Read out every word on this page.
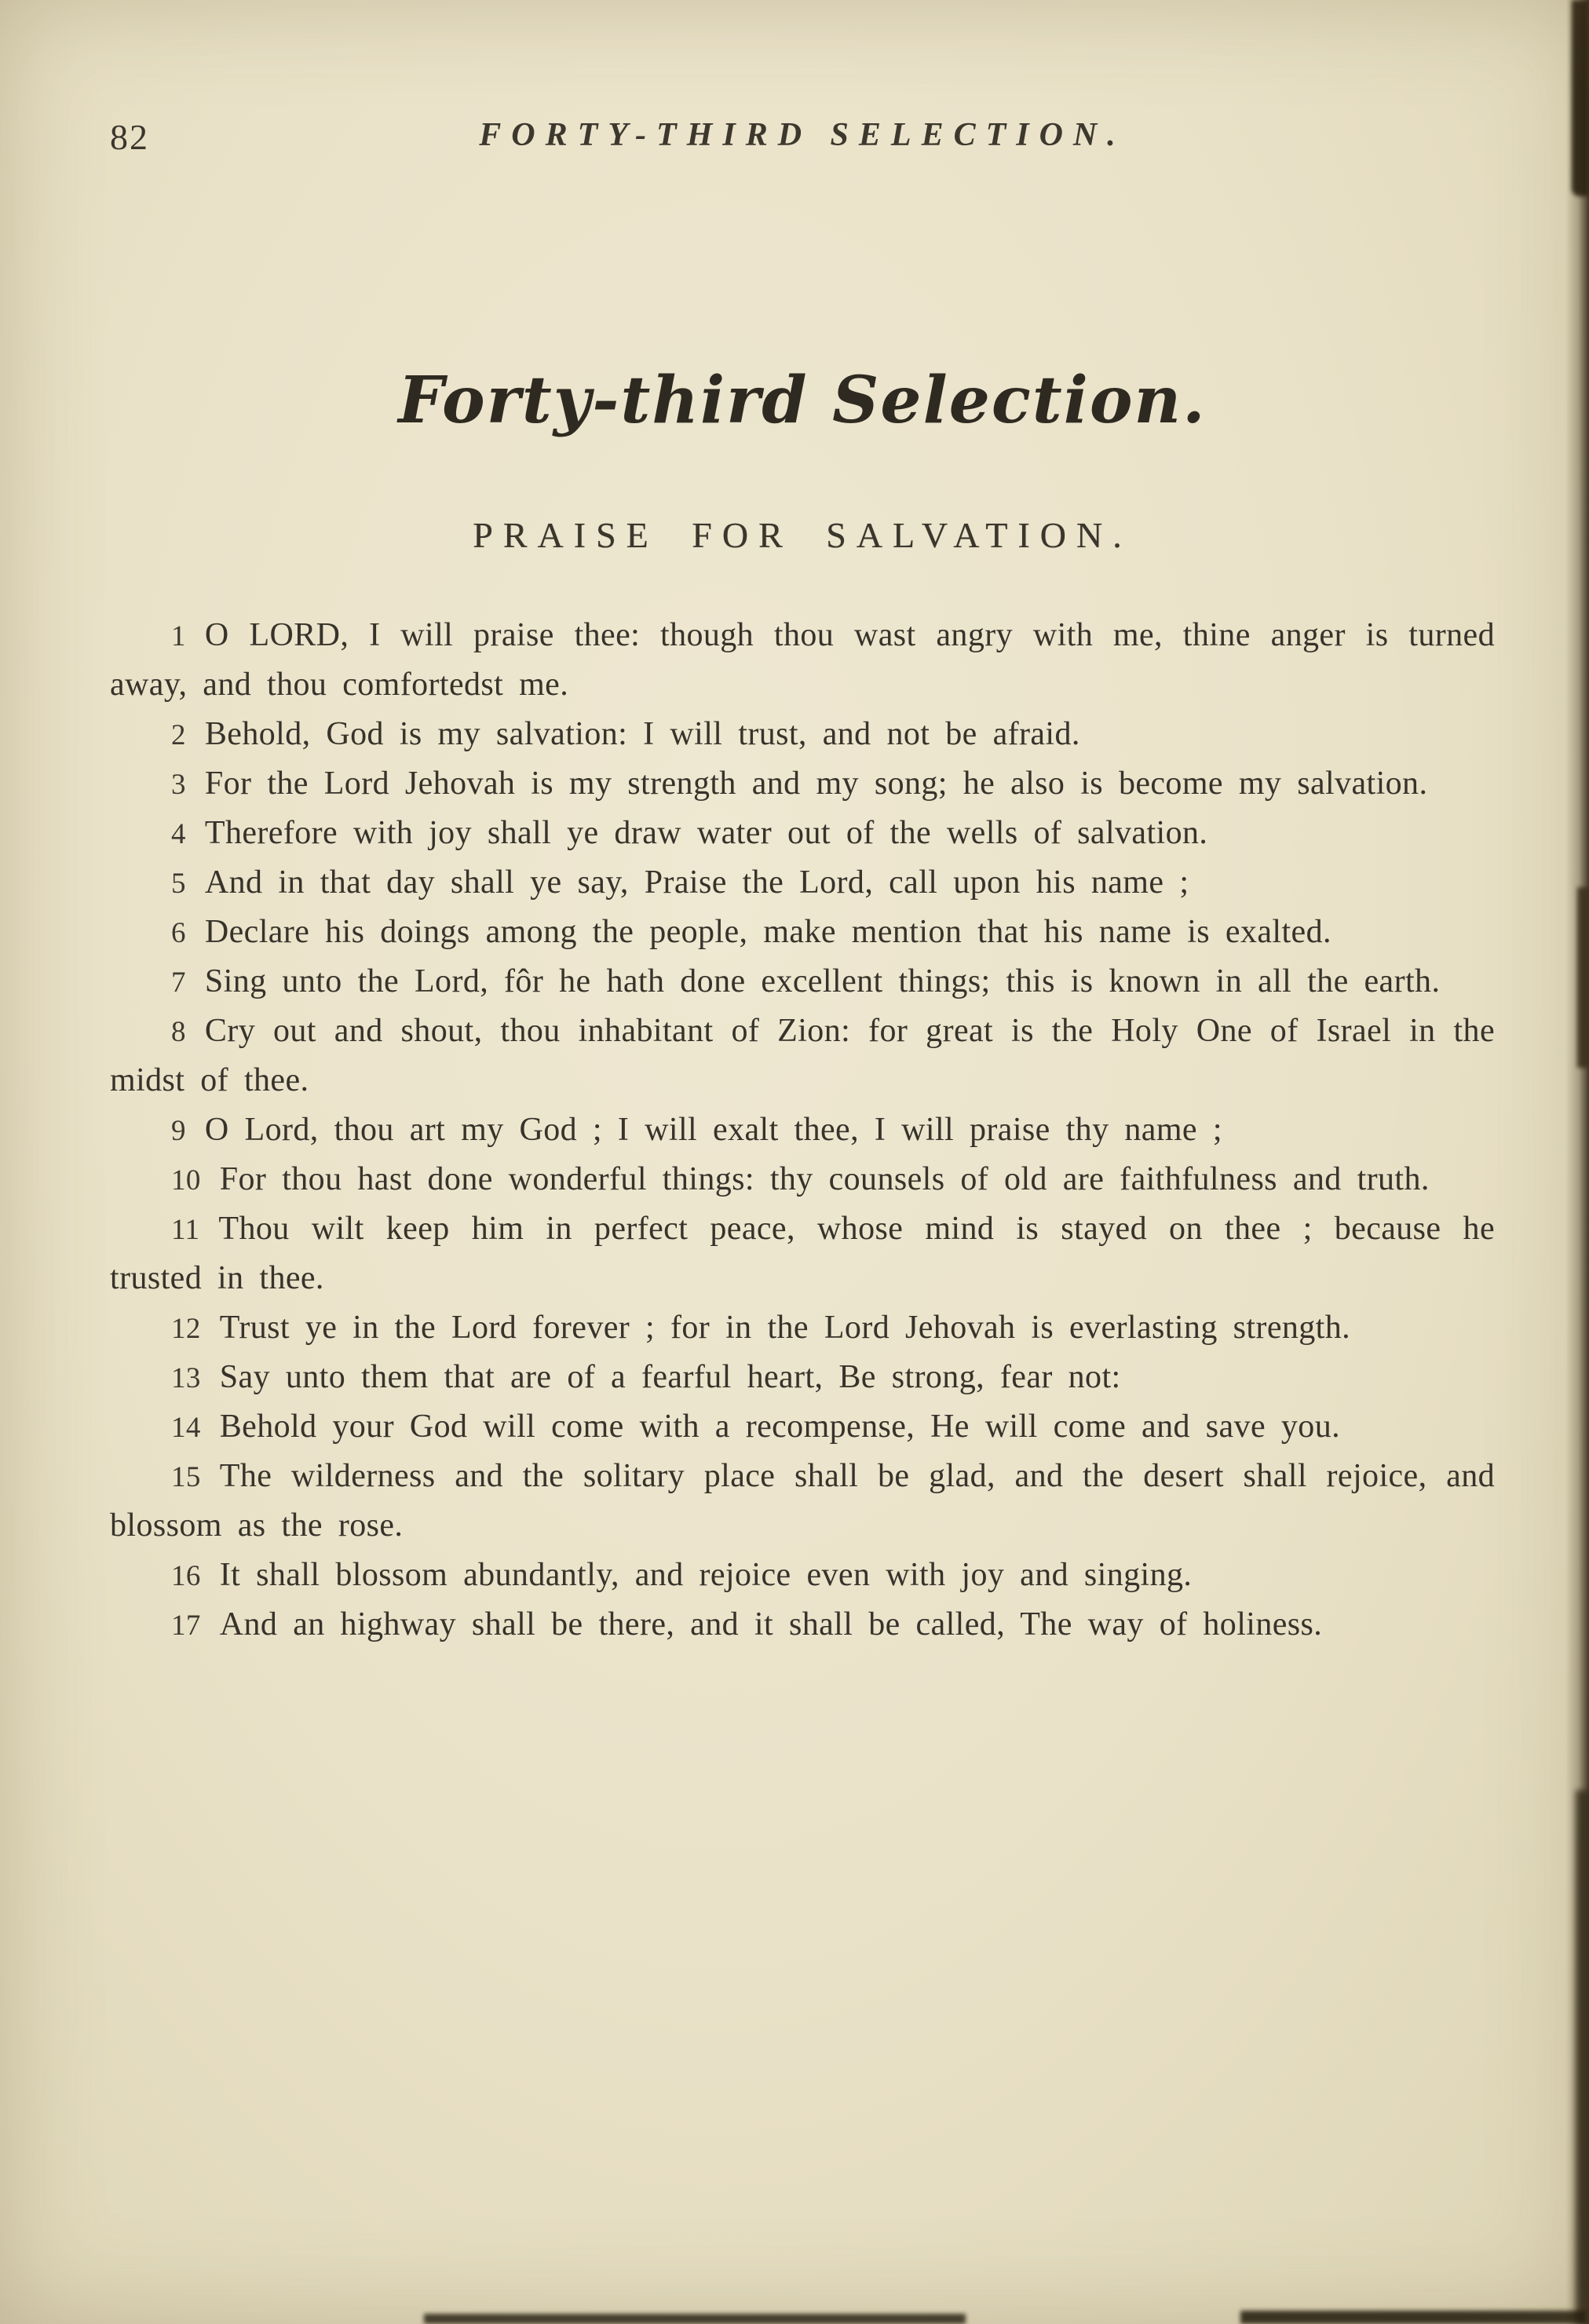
82	FORTY-THIRD SELECTION.
Forty-third Selection.
PRAISE FOR SALVATION.

1 O LORD, I will praise thee: though thou wast angry with me, thine anger is turned away, and thou comfortedst me.

2 Behold, God is my salvation: I will trust, and not be afraid.

3 For the Lord Jehovah is my strength and my song; he also is become my salvation.

4 Therefore with joy shall ye draw water out of the wells of salvation.

5 And in that day shall ye say, Praise the Lord, call upon his name ;

6 Declare his doings among the people, make mention that his name is exalted.

7 Sing unto the Lord, fôr he hath done excellent things; this is known in all the earth.

8 Cry out and shout, thou inhabitant of Zion: for great is the Holy One of Israel in the midst of thee.

9 O Lord, thou art my God ; I will exalt thee, I will praise thy name ;

10 For thou hast done wonderful things: thy counsels of old are faithfulness and truth.

11 Thou wilt keep him in perfect peace, whose mind is stayed on thee ; because he trusted in thee.

12 Trust ye in the Lord forever ; for in the Lord Jehovah is everlasting strength.

13 Say unto them that are of a fearful heart, Be strong, fear not:

14 Behold your God will come with a recompense, He will come and save you.

15 The wilderness and the solitary place shall be glad, and the desert shall rejoice, and blossom as the rose.

16 It shall blossom abundantly, and rejoice even with joy and singing.

17 And an highway shall be there, and it shall be called, The way of holiness.
